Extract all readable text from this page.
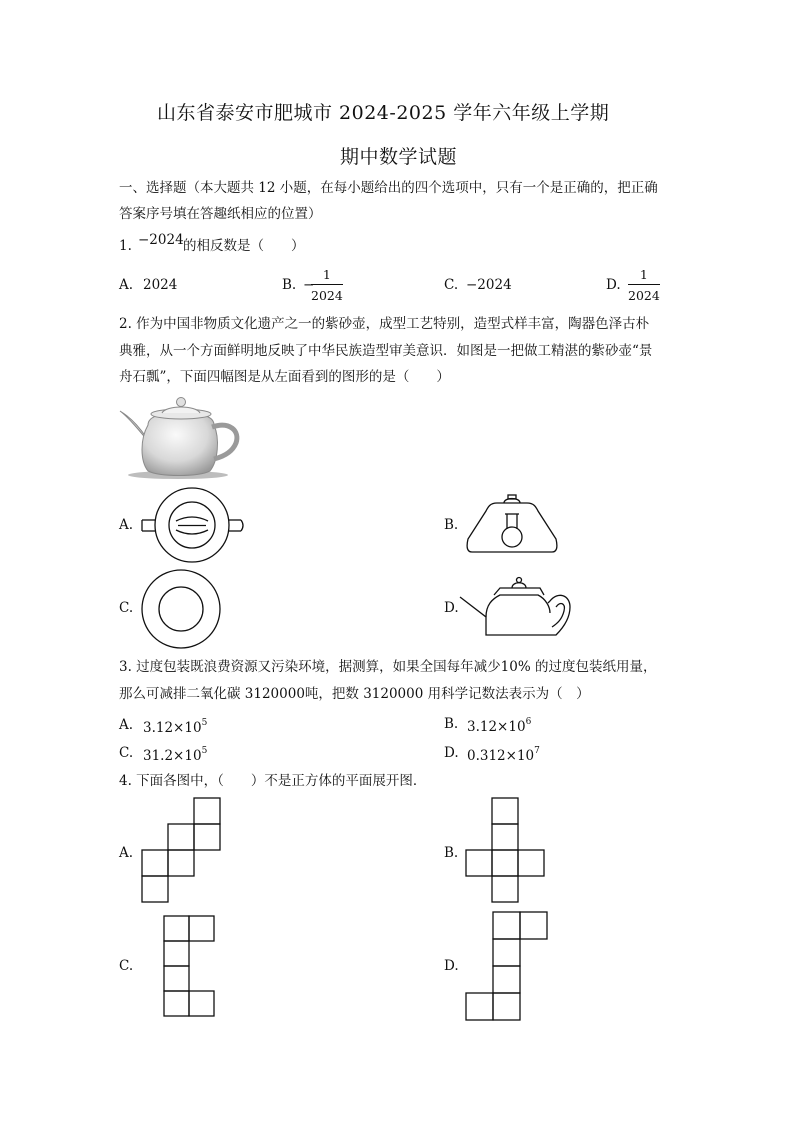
山东省泰安市肥城市 2024-2025 学年六年级上学期
期中数学试题
一、选择题（本大题共 12 小题，在每小题给出的四个选项中，只有一个是正确的，把正确
答案序号填在答趣纸相应的位置）
1. −2024 的相反数是（　　）
A. 2024	B. −
1
2024
C. −2024	D.
1
2024
2. 作为中国非物质文化遗产之一的紫砂壶，成型工艺特别，造型式样丰富，陶器色泽古朴
典雅，从一个方面鲜明地反映了中华民族造型审美意识．如图是一把做工精湛的紫砂壶“景
舟石瓢”，下面四幅图是从左面看到的图形的是（　　）
A.	B.
C.	D.
3. 过度包装既浪费资源又污染环境，据测算，如果全国每年减少10% 的过度包装纸用量，
那么可减排二氧化碳 3120000吨，把数 3120000 用科学记数法表示为（　）
A. $3.12\times 10^5$	B. $3.12\times 10^6$
C. $31.2\times 10^5$	D. $0.312\times 10^7$
4. 下面各图中，（　　）不是正方体的平面展开图．
A.	B.
C.	D.
